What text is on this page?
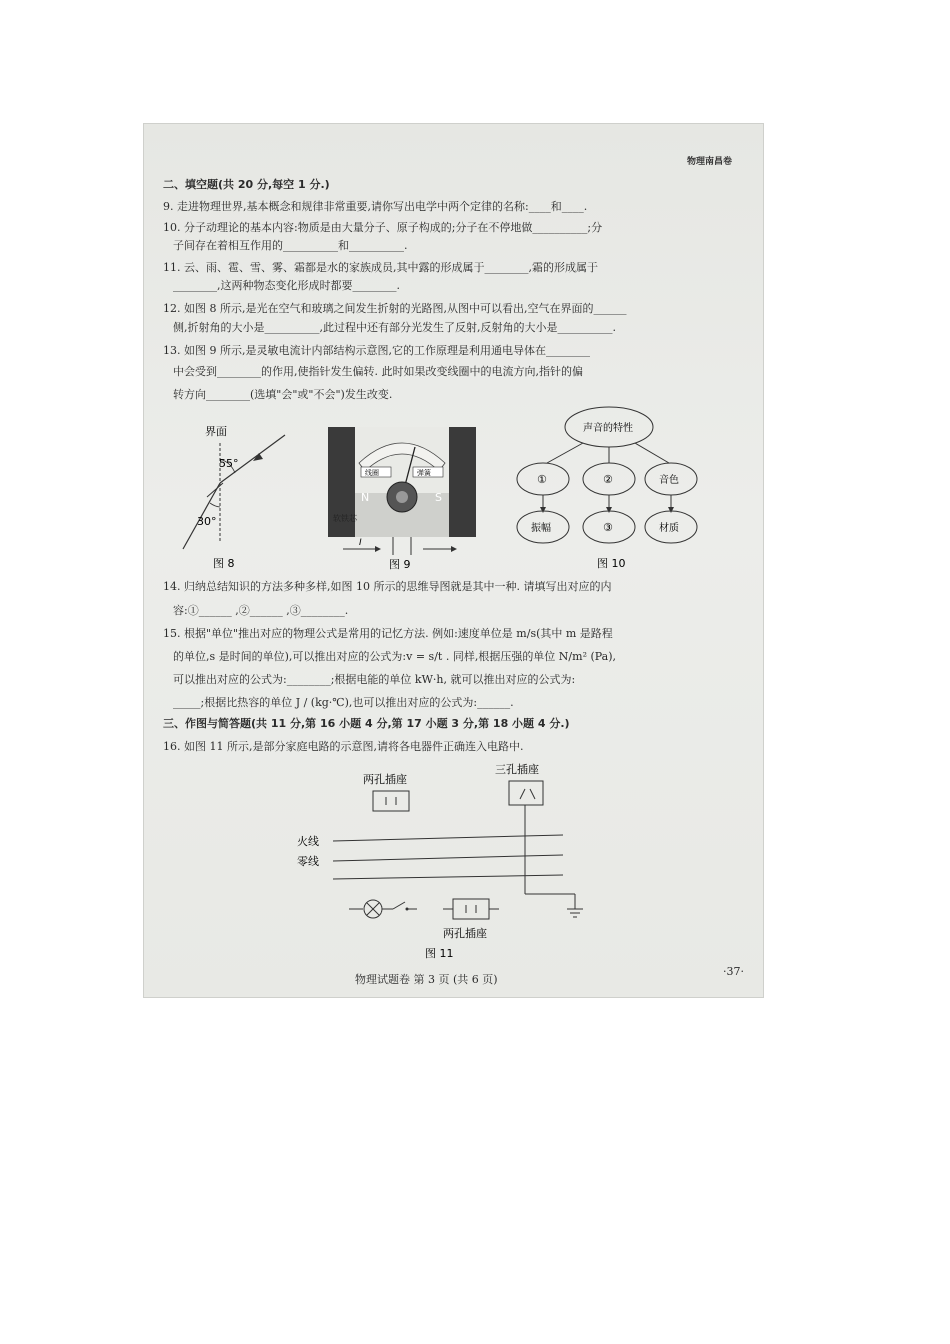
物理南昌卷
二、填空题(共 20 分,每空 1 分.)
9. 走进物理世界,基本概念和规律非常重要,请你写出电学中两个定律的名称:____和____.
10. 分子动理论的基本内容:物质是由大量分子、原子构成的;分子在不停地做__________;分
子间存在着相互作用的__________和__________.
11. 云、雨、雹、雪、雾、霜都是水的家族成员,其中露的形成属于________,霜的形成属于
________,这两种物态变化形成时都要________.
12. 如图 8 所示,是光在空气和玻璃之间发生折射的光路图,从图中可以看出,空气在界面的______
侧,折射角的大小是__________,此过程中还有部分光发生了反射,反射角的大小是__________.
13. 如图 9 所示,是灵敏电流计内部结构示意图,它的工作原理是利用通电导体在________
中会受到________的作用,使指针发生偏转. 此时如果改变线圈中的电流方向,指针的偏
转方向________(选填"会"或"不会")发生改变.
界面
55°
30°
图 8
线圈	弹簧
N	S
软铁芯
I
图 9
声音的特性
①	②	音色
振幅	③	材质
图 10
14. 归纳总结知识的方法多种多样,如图 10 所示的思维导图就是其中一种. 请填写出对应的内
容:①______ ,②______ ,③________.
15. 根据"单位"推出对应的物理公式是常用的记忆方法. 例如:速度单位是 m/s(其中 m 是路程
的单位,s 是时间的单位),可以推出对应的公式为:v = s/t . 同样,根据压强的单位 N/m² (Pa),
可以推出对应的公式为:________;根据电能的单位 kW·h, 就可以推出对应的公式为:
_____;根据比热容的单位 J / (kg·℃),也可以推出对应的公式为:______.
三、作图与简答题(共 11 分,第 16 小题 4 分,第 17 小题 3 分,第 18 小题 4 分.)
16. 如图 11 所示,是部分家庭电路的示意图,请将各电器件正确连入电路中.
两孔插座
三孔插座
火线
零线
两孔插座
图 11
物理试题卷 第 3 页 (共 6 页)
·37·
